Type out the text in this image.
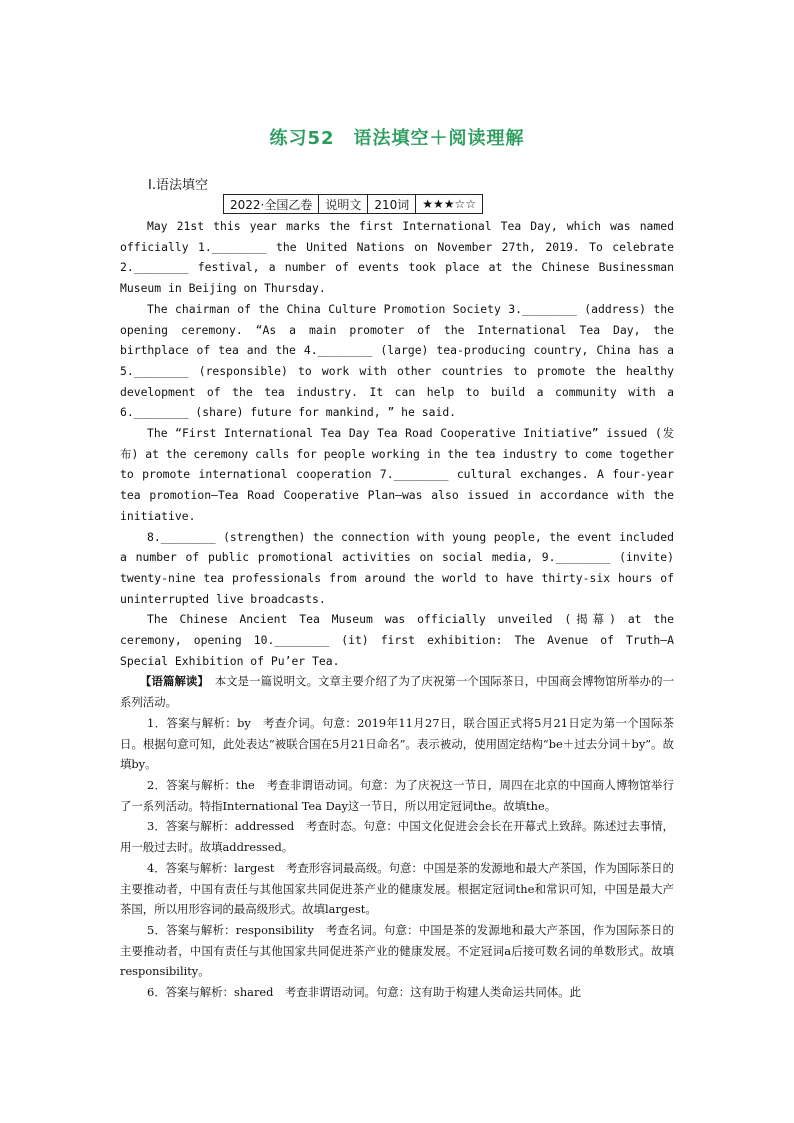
练习52　语法填空＋阅读理解
Ⅰ.语法填空
2022·全国乙卷	说明文	210词	★★★☆☆

May 21st this year marks the first International Tea Day, which was named officially 1.________ the United Nations on November 27th, 2019. To celebrate 2.________ festival, a number of events took place at the Chinese Businessman Museum in Beijing on Thursday.

The chairman of the China Culture Promotion Society 3.________ (address) the opening ceremony. “As a main promoter of the International Tea Day, the birthplace of tea and the 4.________ (large) tea-producing country, China has a 5.________ (responsible) to work with other countries to promote the healthy development of the tea industry. It can help to build a community with a 6.________ (share) future for mankind, ” he said.

The “First International Tea Day Tea Road Cooperative Initiative” issued (发布) at the ceremony calls for people working in the tea industry to come together to promote international cooperation 7.________ cultural exchanges. A four-year tea promotion—Tea Road Cooperative Plan—was also issued in accordance with the initiative.

8.________ (strengthen) the connection with young people, the event included a number of public promotional activities on social media, 9.________ (invite) twenty-nine tea professionals from around the world to have thirty-six hours of uninterrupted live broadcasts.

The Chinese Ancient Tea Museum was officially unveiled (揭幕) at the ceremony, opening 10.________ (it) first exhibition: The Avenue of Truth—A Special Exhibition of Pu’er Tea.

【语篇解读】　 本文是一篇说明文。文章主要介绍了为了庆祝第一个国际茶日，中国商会博物馆所举办的一系列活动。

1．答案与解析：by　考查介词。句意：2019年11月27日，联合国正式将5月21日定为第一个国际茶日。根据句意可知，此处表达“被联合国在5月21日命名”。表示被动，使用固定结构“be＋过去分词＋by”。故填by。

2．答案与解析：the　考查非谓语动词。句意：为了庆祝这一节日，周四在北京的中国商人博物馆举行了一系列活动。特指International Tea Day这一节日，所以用定冠词the。故填the。

3．答案与解析：addressed　考查时态。句意：中国文化促进会会长在开幕式上致辞。陈述过去事情，用一般过去时。故填addressed。

4．答案与解析：largest　考查形容词最高级。句意：中国是茶的发源地和最大产茶国，作为国际茶日的主要推动者，中国有责任与其他国家共同促进茶产业的健康发展。根据定冠词the和常识可知，中国是最大产茶国，所以用形容词的最高级形式。故填largest。

5．答案与解析：responsibility　考查名词。句意：中国是茶的发源地和最大产茶国，作为国际茶日的主要推动者，中国有责任与其他国家共同促进茶产业的健康发展。不定冠词a后接可数名词的单数形式。故填responsibility。

6．答案与解析：shared　考查非谓语动词。句意：这有助于构建人类命运共同体。此
